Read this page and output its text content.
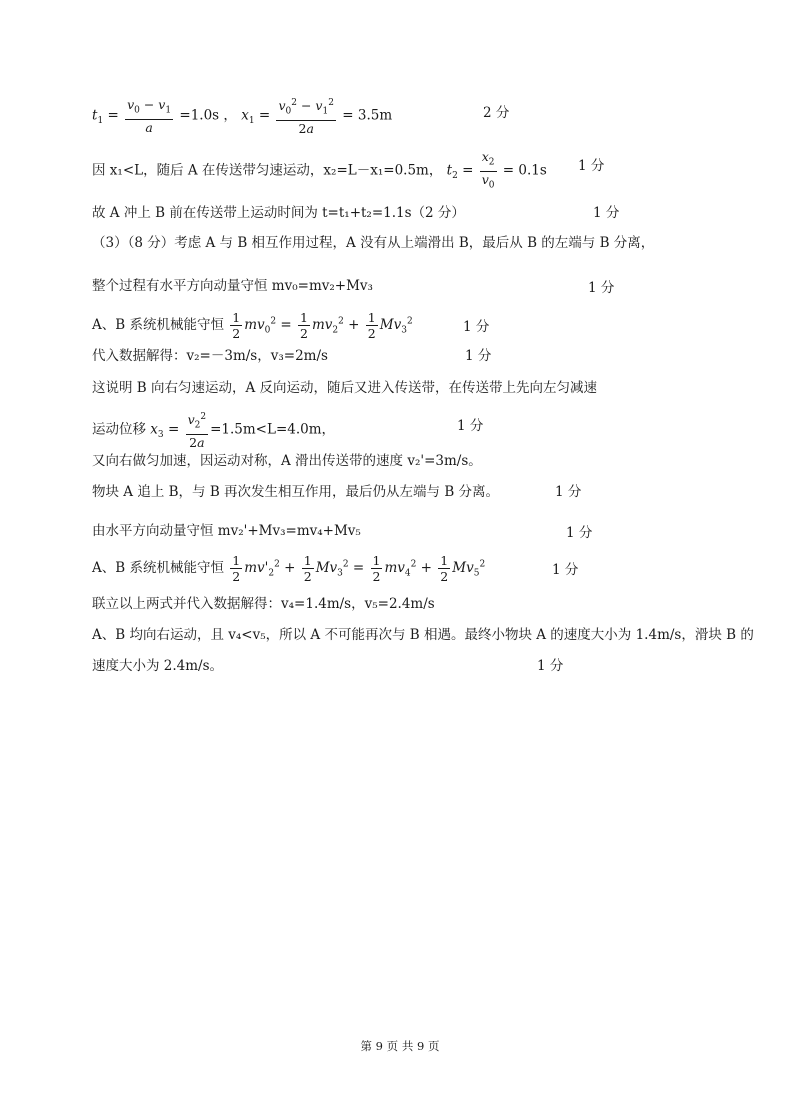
$t_1 = \frac{v_0 - v_1}{a} =1.0s$ ， $x_1 = \frac{v_0^2 - v_1^2}{2a} = 3.5m$	2 分
因 x₁<L，随后 A 在传送带匀速运动，x₂=L－x₁=0.5m， $t_2 = \frac{x_2}{v_0} = 0.1s$ 1 分
故 A 冲上 B 前在传送带上运动时间为 t=t₁+t₂=1.1s（2 分）	1 分
（3）（8 分）考虑 A 与 B 相互作用过程，A 没有从上端滑出 B，最后从 B 的左端与 B 分离，
整个过程有水平方向动量守恒 mv₀=mv₂+Mv₃	1 分
A、B 系统机械能守恒 $\frac{1}{2} mv_0^2 = \frac{1}{2} mv_2^2 + \frac{1}{2} Mv_3^2$	1 分
代入数据解得：v₂=－3m/s，v₃=2m/s	1 分
这说明 B 向右匀速运动，A 反向运动，随后又进入传送带，在传送带上先向左匀减速
运动位移 $x_3 = \frac{v_2^2}{2a} =1.5m<L=4.0m$，	1 分
又向右做匀加速，因运动对称，A 滑出传送带的速度 v₂'=3m/s。
物块 A 追上 B，与 B 再次发生相互作用，最后仍从左端与 B 分离。	1 分
由水平方向动量守恒 mv₂'+Mv₃=mv₄+Mv₅	1 分
A、B 系统机械能守恒 $\frac{1}{2} mv'_2^2 + \frac{1}{2} Mv_3^2 = \frac{1}{2} mv_4^2 + \frac{1}{2} Mv_5^2$	1 分
联立以上两式并代入数据解得：v₄=1.4m/s，v₅=2.4m/s
A、B 均向右运动，且 v₄<v₅，所以 A 不可能再次与 B 相遇。最终小物块 A 的速度大小为 1.4m/s，滑块 B 的
速度大小为 2.4m/s。	1 分
第 9 页 共 9 页
